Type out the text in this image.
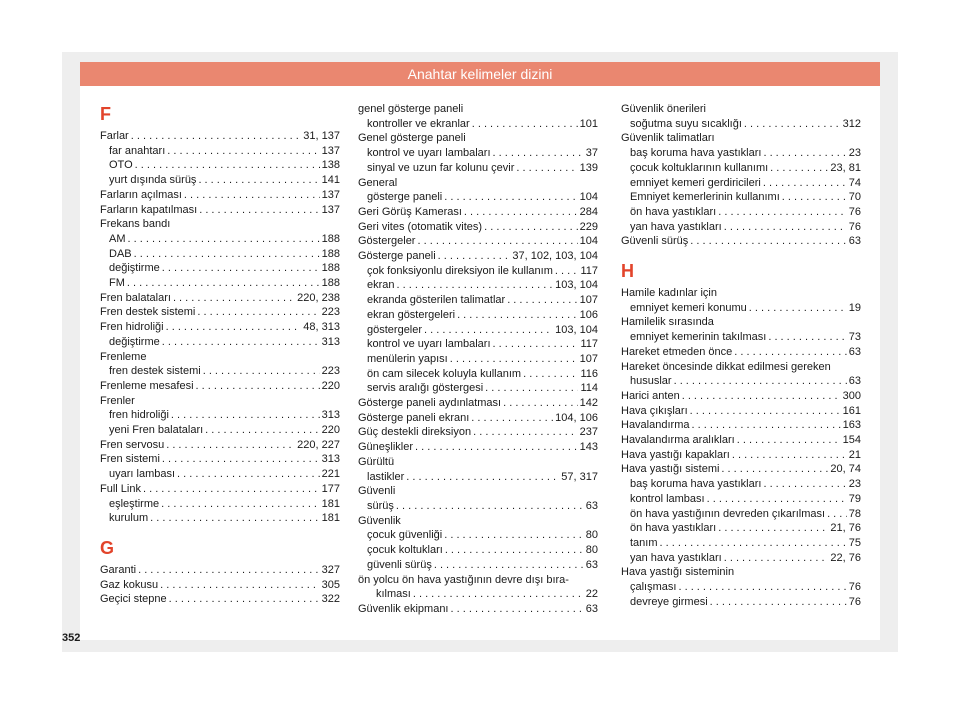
Anahtar kelimeler dizini
F
Farlar . . .	31, 137
far anahtarı . . .	137
OTO . . .	138
yurt dışında sürüş . . .	141
Farların açılması . . .	137
Farların kapatılması . . .	137
Frekans bandı
AM . . .	188
DAB . . .	188
değiştirme . . .	188
FM . . .	188
Fren balataları . . .	220, 238
Fren destek sistemi . . .	223
Fren hidroliği . . .	48, 313
değiştirme . . .	313
Frenleme
fren destek sistemi . . .	223
Frenleme mesafesi . . .	220
Frenler
fren hidroliği . . .	313
yeni Fren balataları . . .	220
Fren servosu . . .	220, 227
Fren sistemi . . .	313
uyarı lambası . . .	221
Full Link . . .	177
eşleştirme . . .	181
kurulum . . .	181
G
Garanti . . .	327
Gaz kokusu . . .	305
Geçici stepne . . .	322
genel gösterge paneli
kontroller ve ekranlar . . .	101
Genel gösterge paneli
kontrol ve uyarı lambaları . . .	37
sinyal ve uzun far kolunu çevir . . .	139
General
gösterge paneli . . .	104
Geri Görüş Kamerası . . .	284
Geri vites (otomatik vites) . . .	229
Göstergeler . . .	104
Gösterge paneli . . .	37, 102, 103, 104
çok fonksiyonlu direksiyon ile kullanım . . .	117
ekran . . .	103, 104
ekranda gösterilen talimatlar . . .	107
ekran göstergeleri . . .	106
göstergeler . . .	103, 104
kontrol ve uyarı lambaları . . .	117
menülerin yapısı . . .	107
ön cam silecek koluyla kullanım . . .	116
servis aralığı göstergesi . . .	114
Gösterge paneli aydınlatması . . .	142
Gösterge paneli ekranı . . .	104, 106
Güç destekli direksiyon . . .	237
Güneşlikler . . .	143
Gürültü
lastikler . . .	57, 317
Güvenli
sürüş . . .	63
Güvenlik
çocuk güvenliği . . .	80
çocuk koltukları . . .	80
güvenli sürüş . . .	63
ön yolcu ön hava yastığının devre dışı bıra-
kılması . . .	22
Güvenlik ekipmanı . . .	63
Güvenlik önerileri
soğutma suyu sıcaklığı . . .	312
Güvenlik talimatları
baş koruma hava yastıkları . . .	23
çocuk koltuklarının kullanımı . . .	23, 81
emniyet kemeri gerdiricileri . . .	74
Emniyet kemerlerinin kullanımı . . .	70
ön hava yastıkları . . .	76
yan hava yastıkları . . .	76
Güvenli sürüş . . .	63
H
Hamile kadınlar için
emniyet kemeri konumu . . .	19
Hamilelik sırasında
emniyet kemerinin takılması . . .	73
Hareket etmeden önce . . .	63
Hareket öncesinde dikkat edilmesi gereken
hususlar . . .	63
Harici anten . . .	300
Hava çıkışları . . .	161
Havalandırma . . .	163
Havalandırma aralıkları . . .	154
Hava yastığı kapakları . . .	21
Hava yastığı sistemi . . .	20, 74
baş koruma hava yastıkları . . .	23
kontrol lambası . . .	79
ön hava yastığının devreden çıkarılması . . . 78
ön hava yastıkları . . .	21, 76
tanım . . .	75
yan hava yastıkları . . .	22, 76
Hava yastığı sisteminin
çalışması . . .	76
devreye girmesi . . .	76
352
